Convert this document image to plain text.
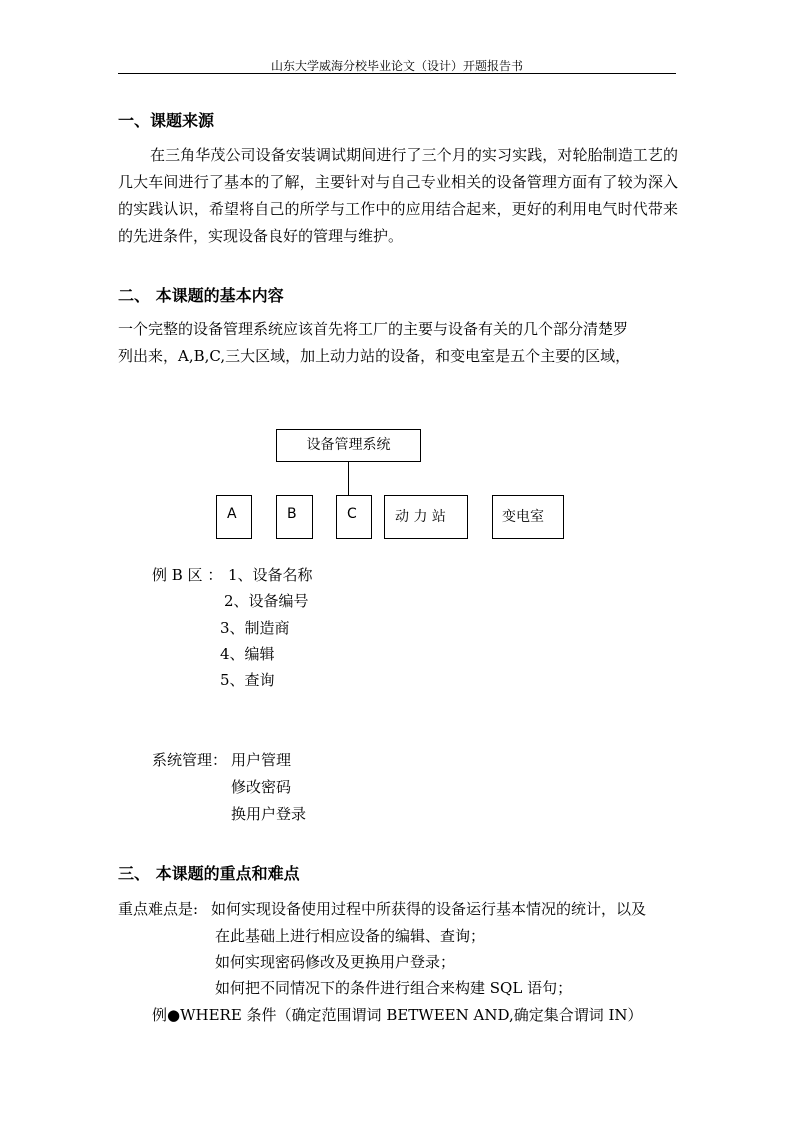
山东大学威海分校毕业论文（设计）开题报告书
一、课题来源
在三角华茂公司设备安装调试期间进行了三个月的实习实践，对轮胎制造工艺的几大车间进行了基本的了解，主要针对与自己专业相关的设备管理方面有了较为深入的实践认识，希望将自己的所学与工作中的应用结合起来，更好的利用电气时代带来的先进条件，实现设备良好的管理与维护。
二、 本课题的基本内容
一个完整的设备管理系统应该首先将工厂的主要与设备有关的几个部分清楚罗
列出来，A,B,C,三大区域，加上动力站的设备，和变电室是五个主要的区域，
设备管理系统
A	B	C	动 力 站	变电室
例 B 区 ： 1、设备名称
2、设备编号
3、制造商
4、编辑
5、查询
系统管理： 用户管理
修改密码
换用户登录
三、 本课题的重点和难点
重点难点是: 如何实现设备使用过程中所获得的设备运行基本情况的统计，以及
在此基础上进行相应设备的编辑、查询；
如何实现密码修改及更换用户登录；
如何把不同情况下的条件进行组合来构建 SQL 语句；
例●WHERE 条件（确定范围谓词 BETWEEN AND,确定集合谓词 IN）
